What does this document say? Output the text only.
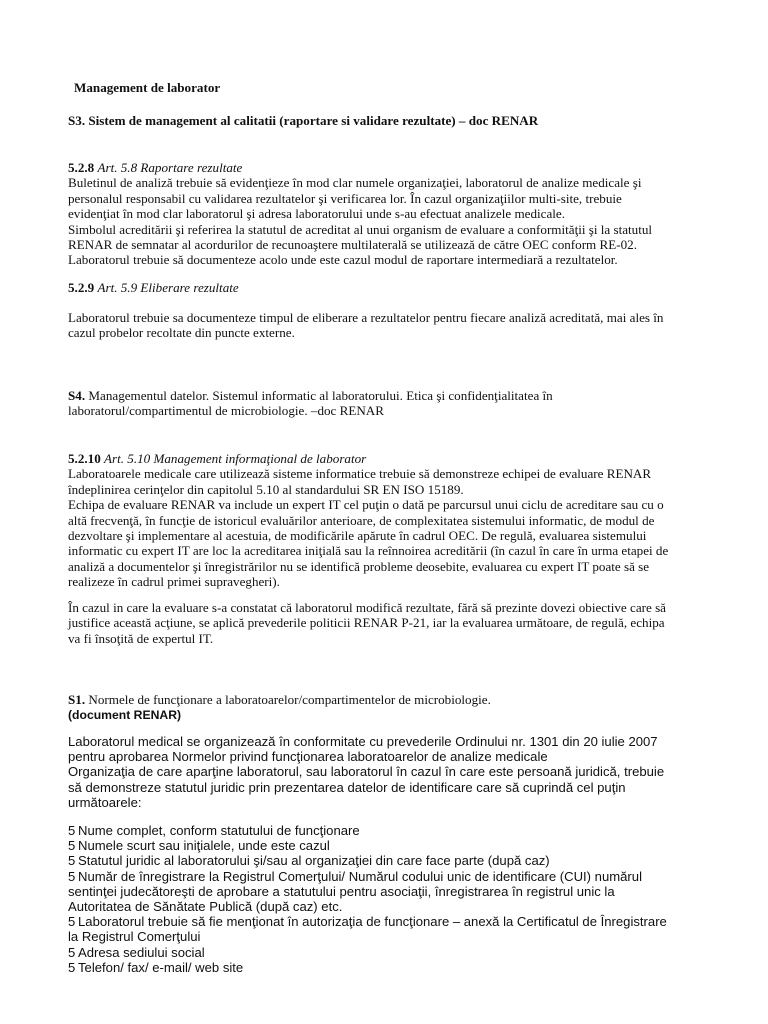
Management de laborator
S3. Sistem de management al calitatii (raportare si validare rezultate) – doc RENAR
5.2.8 Art. 5.8 Raportare rezultate
Buletinul de analiză trebuie să evidenţieze în mod clar numele organizaţiei, laboratorul de analize medicale şi
personalul responsabil cu validarea rezultatelor şi verificarea lor. În cazul organizaţiilor multi-site, trebuie
evidenţiat în mod clar laboratorul şi adresa laboratorului unde s-au efectuat analizele medicale.
Simbolul acreditării şi referirea la statutul de acreditat al unui organism de evaluare a conformităţii şi la statutul
RENAR de semnatar al acordurilor de recunoaştere multilaterală se utilizează de către OEC conform RE-02.
Laboratorul trebuie să documenteze acolo unde este cazul modul de raportare intermediară a rezultatelor.
5.2.9 Art. 5.9 Eliberare rezultate
Laboratorul trebuie sa documenteze timpul de eliberare a rezultatelor pentru fiecare analiză acreditată, mai ales în
cazul probelor recoltate din puncte externe.
S4. Managementul datelor. Sistemul informatic al laboratorului. Etica şi confidenţialitatea în
laboratorul/compartimentul de microbiologie. –doc RENAR
5.2.10 Art. 5.10 Management informaţional de laborator
Laboratoarele medicale care utilizează sisteme informatice trebuie să demonstreze echipei de evaluare RENAR
îndeplinirea cerinţelor din capitolul 5.10 al standardului SR EN ISO 15189.
Echipa de evaluare RENAR va include un expert IT cel puţin o dată pe parcursul unui ciclu de acreditare sau cu o
altă frecvenţă, în funcţie de istoricul evaluărilor anterioare, de complexitatea sistemului informatic, de modul de
dezvoltare şi implementare al acestuia, de modificările apărute în cadrul OEC. De regulă, evaluarea sistemului
informatic cu expert IT are loc la acreditarea iniţială sau la reînnoirea acreditării (în cazul în care în urma etapei de
analiză a documentelor şi înregistrărilor nu se identifică probleme deosebite, evaluarea cu expert IT poate să se
realizeze în cadrul primei supravegheri).
În cazul in care la evaluare s-a constatat că laboratorul modifică rezultate, fără să prezinte dovezi obiective care să
justifice această acţiune, se aplică prevederile politicii RENAR P-21, iar la evaluarea următoare, de regulă, echipa
va fi însoţită de expertul IT.
S1. Normele de funcţionare a laboratoarelor/compartimentelor de microbiologie.
(document RENAR)
Laboratorul medical se organizează în conformitate cu prevederile Ordinului nr. 1301 din 20 iulie 2007
pentru aprobarea Normelor privind funcţionarea laboratoarelor de analize medicale
Organizaţia de care aparţine laboratorul, sau laboratorul în cazul în care este persoană juridică, trebuie
să demonstreze statutul juridic prin prezentarea datelor de identificare care să cuprindă cel puţin
următoarele:
5 Nume complet, conform statutului de funcţionare
5 Numele scurt sau iniţialele, unde este cazul
5 Statutul juridic al laboratorului şi/sau al organizaţiei din care face parte (după caz)
5 Număr de înregistrare la Registrul Comerţului/ Numărul codului unic de identificare (CUI) numărul
sentinţei judecătoreşti de aprobare a statutului pentru asociaţii, înregistrarea în registrul unic la
Autoritatea de Sănătate Publică (după caz) etc.
5 Laboratorul trebuie să fie menţionat în autorizaţia de funcţionare – anexă la Certificatul de Înregistrare
la Registrul Comerţului
5 Adresa sediului social
5 Telefon/ fax/ e-mail/ web site
